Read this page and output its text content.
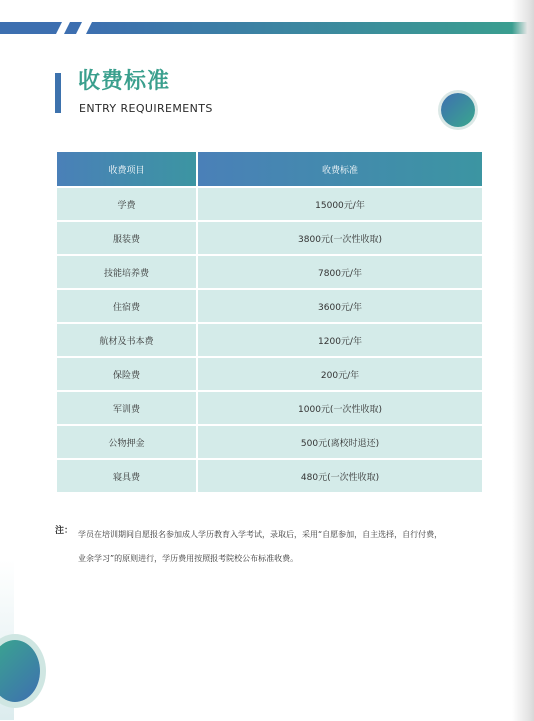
收费标准
ENTRY REQUIREMENTS
收费项目	收费标准
学费	15000元/年
服装费	3800元(一次性收取)
技能培养费	7800元/年
住宿费	3600元/年
航材及书本费	1200元/年
保险费	200元/年
军训费	1000元(一次性收取)
公物押金	500元(离校时退还)
寝具费	480元(一次性收取)
注： 学员在培训期间自愿报名参加成人学历教育入学考试，录取后，采用“自愿参加，自主选择，自行付费，
业余学习”的原则进行，学历费用按照报考院校公布标准收费。
